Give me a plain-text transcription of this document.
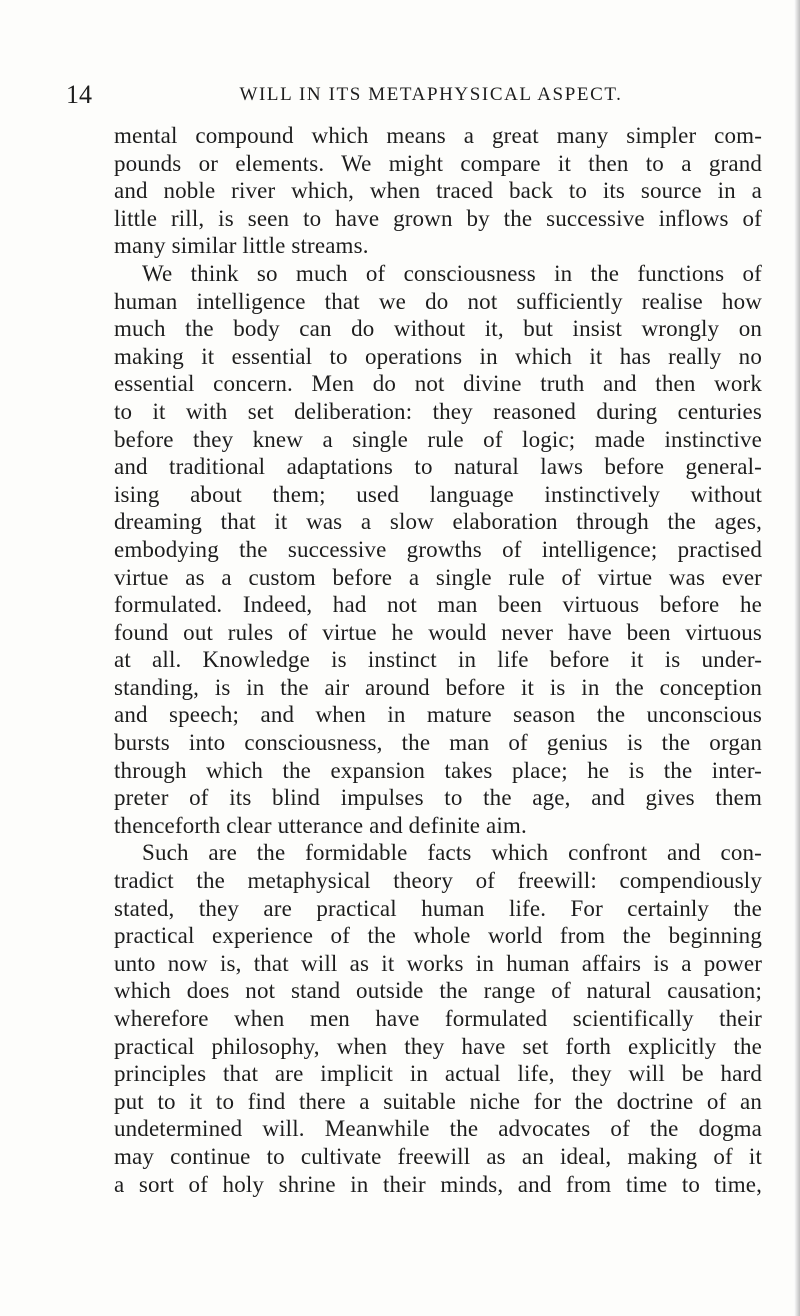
14	WILL IN ITS METAPHYSICAL ASPECT.
mental compound which means a great many simpler com-
pounds or elements. We might compare it then to a grand
and noble river which, when traced back to its source in a
little rill, is seen to have grown by the successive inflows of
many similar little streams.
We think so much of consciousness in the functions of
human intelligence that we do not sufficiently realise how
much the body can do without it, but insist wrongly on
making it essential to operations in which it has really no
essential concern. Men do not divine truth and then work
to it with set deliberation: they reasoned during centuries
before they knew a single rule of logic; made instinctive
and traditional adaptations to natural laws before general-
ising about them; used language instinctively without
dreaming that it was a slow elaboration through the ages,
embodying the successive growths of intelligence; practised
virtue as a custom before a single rule of virtue was ever
formulated. Indeed, had not man been virtuous before he
found out rules of virtue he would never have been virtuous
at all. Knowledge is instinct in life before it is under-
standing, is in the air around before it is in the conception
and speech; and when in mature season the unconscious
bursts into consciousness, the man of genius is the organ
through which the expansion takes place; he is the inter-
preter of its blind impulses to the age, and gives them
thenceforth clear utterance and definite aim.
Such are the formidable facts which confront and con-
tradict the metaphysical theory of freewill: compendiously
stated, they are practical human life. For certainly the
practical experience of the whole world from the beginning
unto now is, that will as it works in human affairs is a power
which does not stand outside the range of natural causation;
wherefore when men have formulated scientifically their
practical philosophy, when they have set forth explicitly the
principles that are implicit in actual life, they will be hard
put to it to find there a suitable niche for the doctrine of an
undetermined will. Meanwhile the advocates of the dogma
may continue to cultivate freewill as an ideal, making of it
a sort of holy shrine in their minds, and from time to time,
